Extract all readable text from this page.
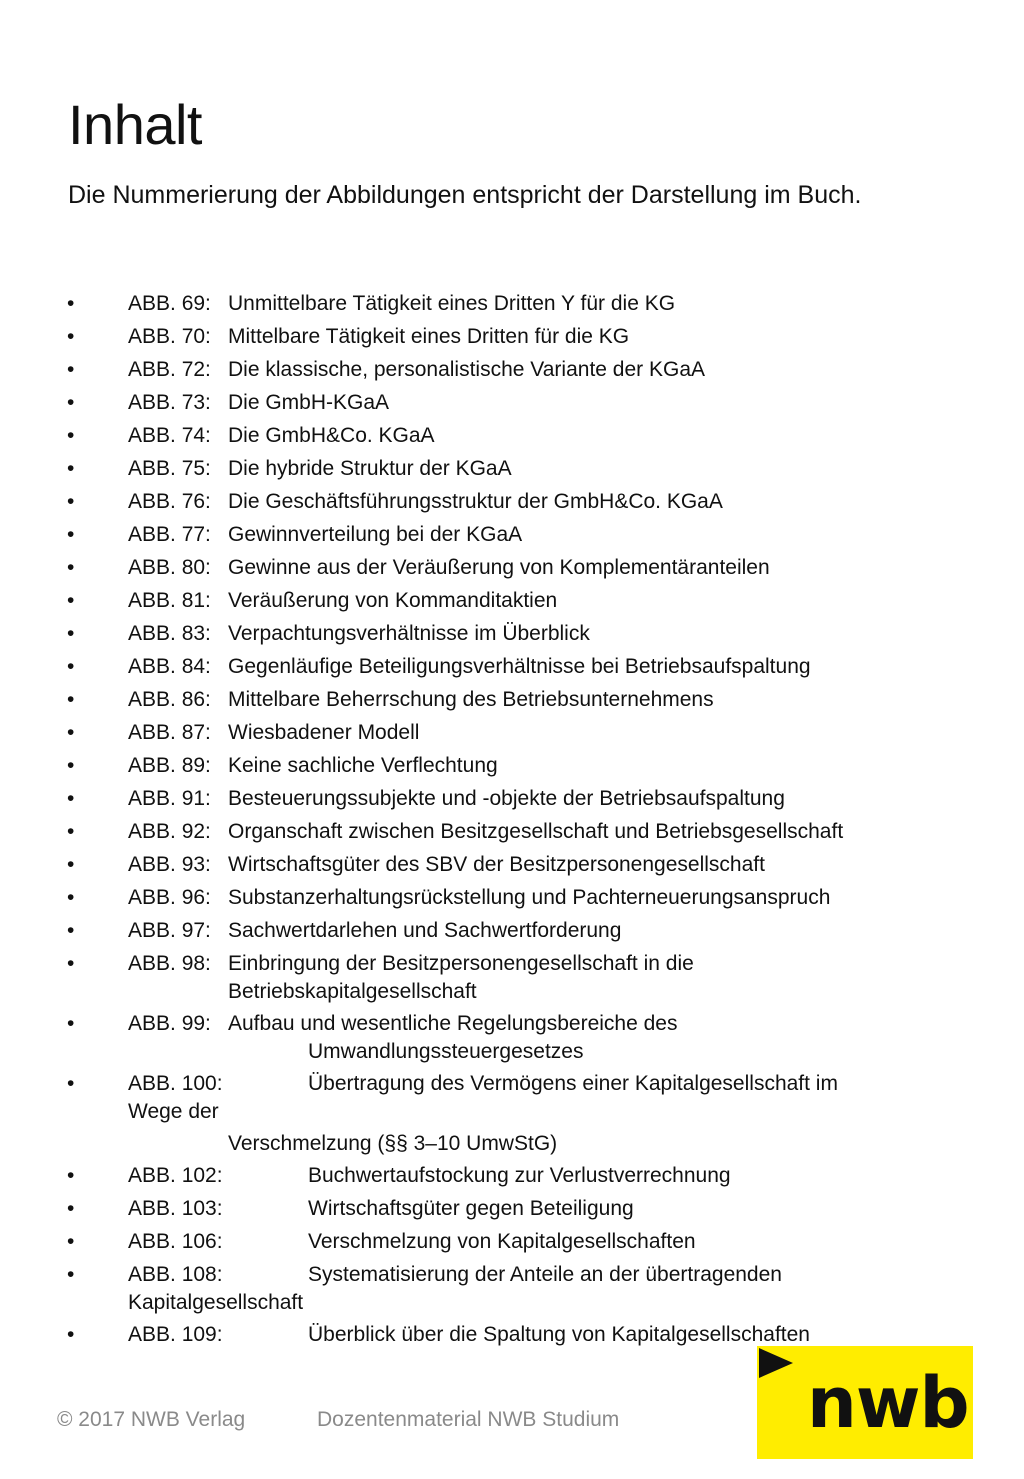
Inhalt

Die Nummerierung der Abbildungen entspricht der Darstellung im Buch.

•	ABB. 69: Unmittelbare Tätigkeit eines Dritten Y für die KG
•	ABB. 70: Mittelbare Tätigkeit eines Dritten für die KG
•	ABB. 72: Die klassische, personalistische Variante der KGaA
•	ABB. 73: Die GmbH-KGaA
•	ABB. 74: Die GmbH&Co. KGaA
•	ABB. 75: Die hybride Struktur der KGaA
•	ABB. 76: Die Geschäftsführungsstruktur der GmbH&Co. KGaA
•	ABB. 77: Gewinnverteilung bei der KGaA
•	ABB. 80: Gewinne aus der Veräußerung von Komplementäranteilen
•	ABB. 81: Veräußerung von Kommanditaktien
•	ABB. 83: Verpachtungsverhältnisse im Überblick
•	ABB. 84: Gegenläufige Beteiligungsverhältnisse bei Betriebsaufspaltung
•	ABB. 86: Mittelbare Beherrschung des Betriebsunternehmens
•	ABB. 87: Wiesbadener Modell
•	ABB. 89: Keine sachliche Verflechtung
•	ABB. 91: Besteuerungssubjekte und -objekte der Betriebsaufspaltung
•	ABB. 92: Organschaft zwischen Besitzgesellschaft und Betriebsgesellschaft
•	ABB. 93: Wirtschaftsgüter des SBV der Besitzpersonengesellschaft
•	ABB. 96: Substanzerhaltungsrückstellung und Pachterneuerungsanspruch
•	ABB. 97: Sachwertdarlehen und Sachwertforderung
•	ABB. 98: Einbringung der Besitzpersonengesellschaft in die
Betriebskapitalgesellschaft
•	ABB. 99: Aufbau und wesentliche Regelungsbereiche des
Umwandlungssteuergesetzes
•	ABB. 100:	Übertragung des Vermögens einer Kapitalgesellschaft im
Wege der
Verschmelzung (§§ 3–10 UmwStG)
•	ABB. 102:	Buchwertaufstockung zur Verlustverrechnung
•	ABB. 103:	Wirtschaftsgüter gegen Beteiligung
•	ABB. 106:	Verschmelzung von Kapitalgesellschaften
•	ABB. 108:	Systematisierung der Anteile an der übertragenden
Kapitalgesellschaft
•	ABB. 109:	Überblick über die Spaltung von Kapitalgesellschaften

© 2017 NWB Verlag	Dozentenmaterial NWB Studium	nwb
